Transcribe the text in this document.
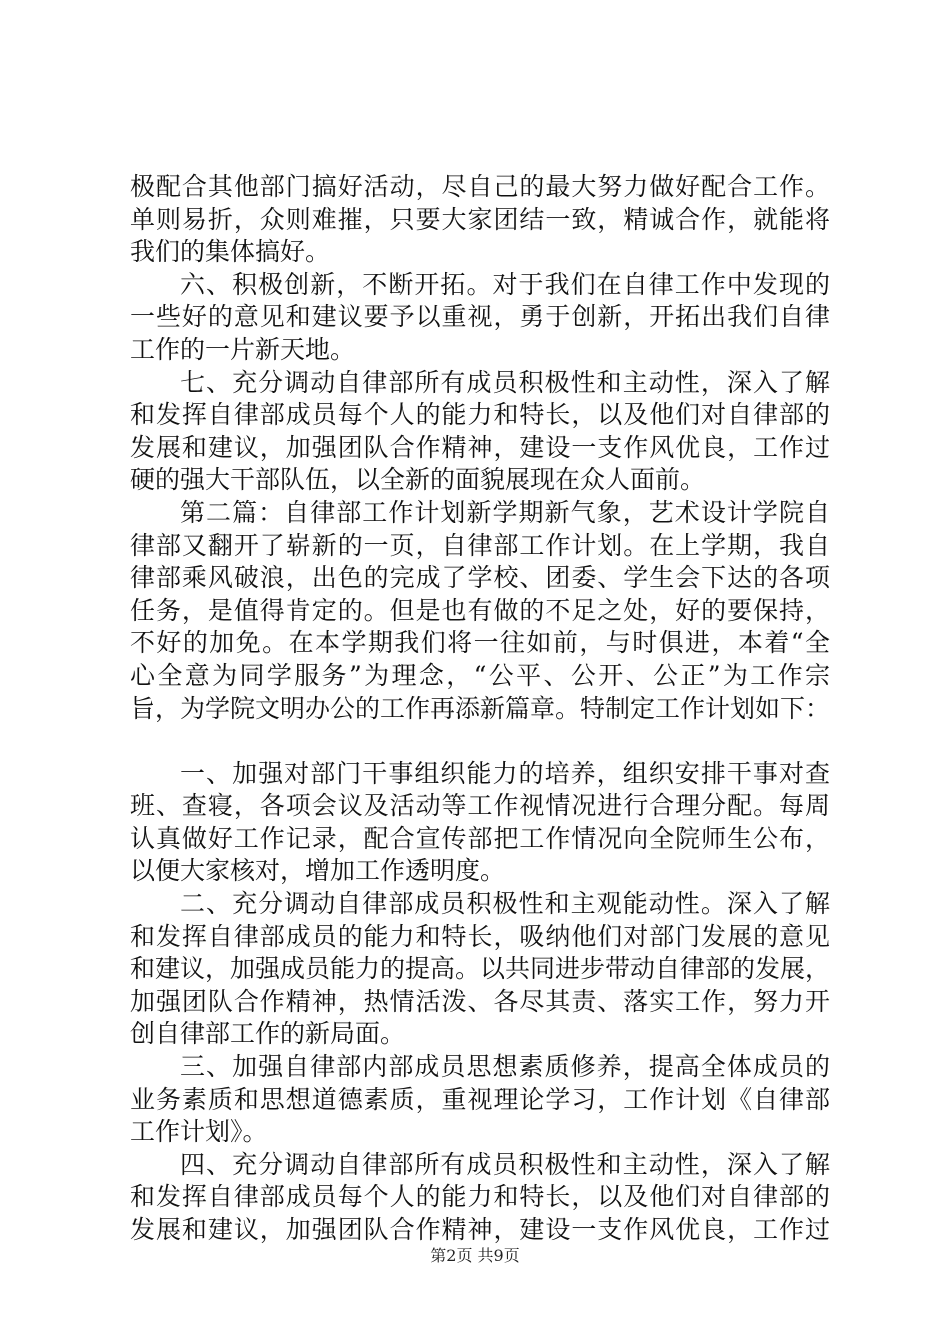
极配合其他部门搞好活动，尽自己的最大努力做好配合工作。
单则易折，众则难摧，只要大家团结一致，精诚合作，就能将
我们的集体搞好。
六、积极创新，不断开拓。对于我们在自律工作中发现的
一些好的意见和建议要予以重视，勇于创新，开拓出我们自律
工作的一片新天地。
七、充分调动自律部所有成员积极性和主动性，深入了解
和发挥自律部成员每个人的能力和特长，以及他们对自律部的
发展和建议，加强团队合作精神，建设一支作风优良，工作过
硬的强大干部队伍，以全新的面貌展现在众人面前。
第二篇：自律部工作计划新学期新气象，艺术设计学院自
律部又翻开了崭新的一页，自律部工作计划。在上学期，我自
律部乘风破浪，出色的完成了学校、团委、学生会下达的各项
任务，是值得肯定的。但是也有做的不足之处，好的要保持，
不好的加免。在本学期我们将一往如前，与时俱进，本着“全
心全意为同学服务”为理念，“公平、公开、公正”为工作宗
旨，为学院文明办公的工作再添新篇章。特制定工作计划如下：
一、加强对部门干事组织能力的培养，组织安排干事对查
班、查寝，各项会议及活动等工作视情况进行合理分配。每周
认真做好工作记录，配合宣传部把工作情况向全院师生公布，
以便大家核对，增加工作透明度。
二、充分调动自律部成员积极性和主观能动性。深入了解
和发挥自律部成员的能力和特长，吸纳他们对部门发展的意见
和建议，加强成员能力的提高。以共同进步带动自律部的发展，
加强团队合作精神，热情活泼、各尽其责、落实工作，努力开
创自律部工作的新局面。
三、加强自律部内部成员思想素质修养，提高全体成员的
业务素质和思想道德素质，重视理论学习，工作计划《自律部
工作计划》。
四、充分调动自律部所有成员积极性和主动性，深入了解
和发挥自律部成员每个人的能力和特长，以及他们对自律部的
发展和建议，加强团队合作精神，建设一支作风优良，工作过
第2页 共9页
